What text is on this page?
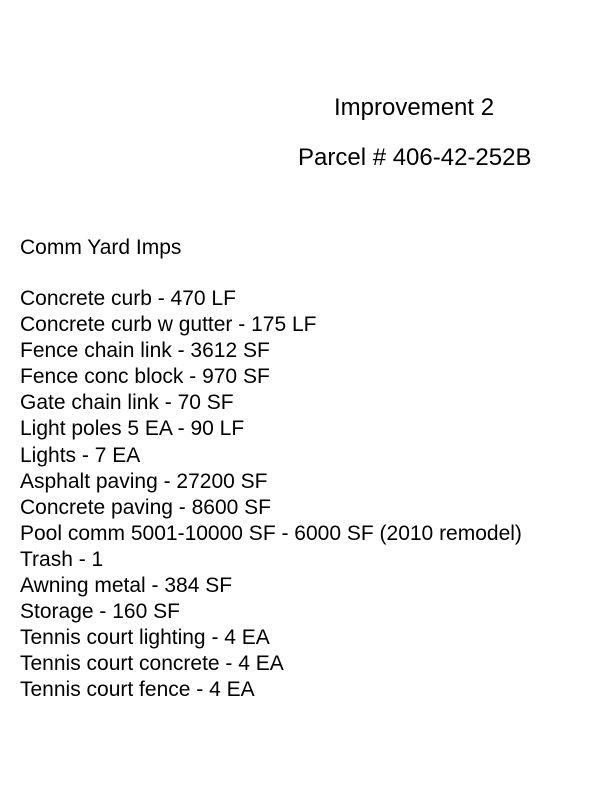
Improvement 2
Parcel # 406-42-252B
Comm Yard Imps
Concrete curb - 470 LF
Concrete curb w gutter - 175 LF
Fence chain link - 3612 SF
Fence conc block - 970 SF
Gate chain link - 70 SF
Light poles 5 EA - 90 LF
Lights - 7 EA
Asphalt paving - 27200 SF
Concrete paving - 8600 SF
Pool comm 5001-10000 SF - 6000 SF (2010 remodel)
Trash - 1
Awning metal - 384 SF
Storage - 160 SF
Tennis court lighting - 4 EA
Tennis court concrete - 4 EA
Tennis court fence - 4 EA
